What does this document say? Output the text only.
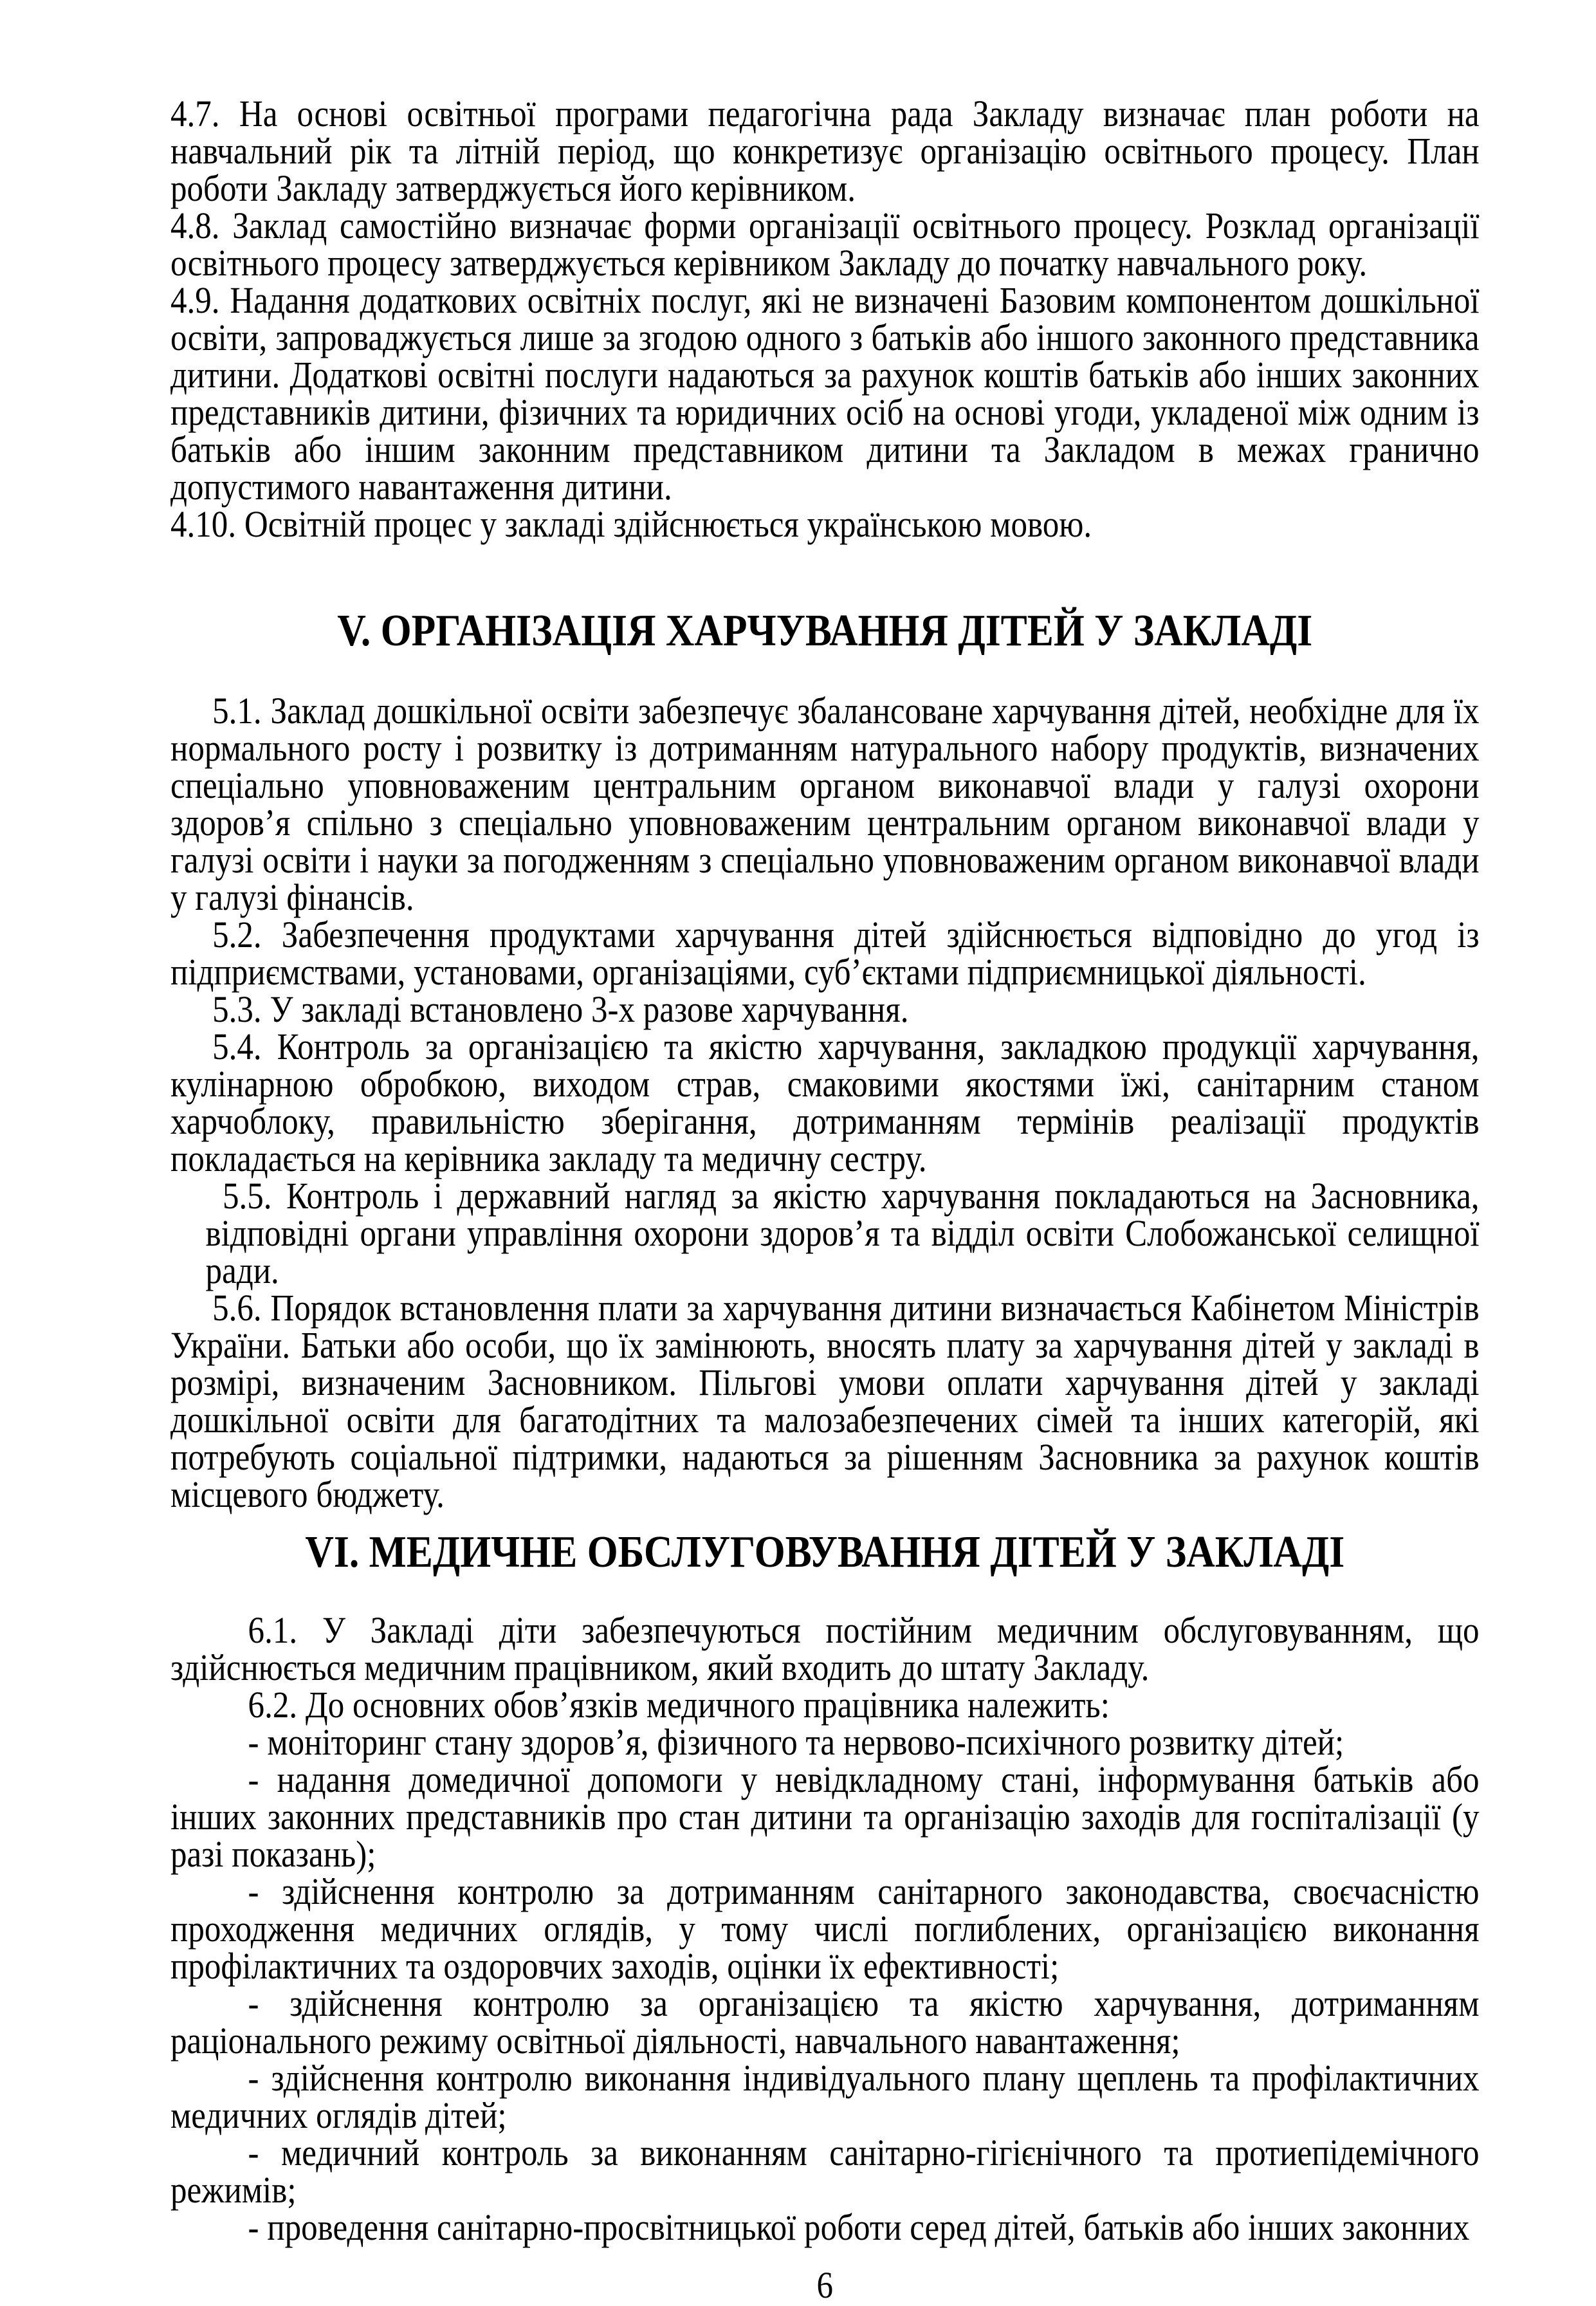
4.7. На основі освітньої програми педагогічна рада Закладу визначає план роботи на навчальний рік та літній період, що конкретизує організацію освітнього процесу. План роботи Закладу затверджується його керівником.

4.8. Заклад самостійно визначає форми організації освітнього процесу. Розклад організації освітнього процесу затверджується керівником Закладу до початку навчального року.

4.9. Надання додаткових освітніх послуг, які не визначені Базовим компонентом дошкільної освіти, запроваджується лише за згодою одного з батьків або іншого законного представника дитини. Додаткові освітні послуги надаються за рахунок коштів батьків або інших законних представників дитини, фізичних та юридичних осіб на основі угоди, укладеної між одним із батьків або іншим законним представником дитини та Закладом в межах гранично допустимого навантаження дитини.

4.10. Освітній процес у закладі здійснюється українською мовою.

V. ОРГАНІЗАЦІЯ ХАРЧУВАННЯ ДІТЕЙ У ЗАКЛАДІ

5.1. Заклад дошкільної освіти забезпечує збалансоване харчування дітей, необхідне для їх нормального росту і розвитку із дотриманням натурального набору продуктів, визначених спеціально уповноваженим центральним органом виконавчої влади у галузі охорони здоров’я спільно з спеціально уповноваженим центральним органом виконавчої влади у галузі освіти і науки за погодженням з спеціально уповноваженим органом виконавчої влади у галузі фінансів.

5.2. Забезпечення продуктами харчування дітей здійснюється відповідно до угод із підприємствами, установами, організаціями, суб’єктами підприємницької діяльності.

5.3. У закладі встановлено 3-х разове харчування.

5.4. Контроль за організацією та якістю харчування, закладкою продукції харчування, кулінарною обробкою, виходом страв, смаковими якостями їжі, санітарним станом харчоблоку, правильністю зберігання, дотриманням термінів реалізації продуктів покладається на керівника закладу та медичну сестру.

5.5. Контроль і державний нагляд за якістю харчування покладаються на Засновника, відповідні органи управління охорони здоров’я та відділ освіти Слобожанської селищної ради.

5.6. Порядок встановлення плати за харчування дитини визначається Кабінетом Міністрів України. Батьки або особи, що їх замінюють, вносять плату за харчування дітей у закладі в розмірі, визначеним Засновником. Пільгові умови оплати харчування дітей у закладі дошкільної освіти для багатодітних та малозабезпечених сімей та інших категорій, які потребують соціальної підтримки, надаються за рішенням Засновника за рахунок коштів місцевого бюджету.

VI. МЕДИЧНЕ ОБСЛУГОВУВАННЯ ДІТЕЙ У ЗАКЛАДІ

6.1. У Закладі діти забезпечуються постійним медичним обслуговуванням, що здійснюється медичним працівником, який входить до штату Закладу.

6.2. До основних обов’язків медичного працівника належить:

- моніторинг стану здоров’я, фізичного та нервово-психічного розвитку дітей;

- надання домедичної допомоги у невідкладному стані, інформування батьків або інших законних представників про стан дитини та організацію заходів для госпіталізації (у разі показань);

- здійснення контролю за дотриманням санітарного законодавства, своєчасністю проходження медичних оглядів, у тому числі поглиблених, організацією виконання профілактичних та оздоровчих заходів, оцінки їх ефективності;

- здійснення контролю за організацією та якістю харчування, дотриманням раціонального режиму освітньої діяльності, навчального навантаження;

- здійснення контролю виконання індивідуального плану щеплень та профілактичних медичних оглядів дітей;

- медичний контроль за виконанням санітарно-гігієнічного та протиепідемічного режимів;

- проведення санітарно-просвітницької роботи серед дітей, батьків або інших законних

6
